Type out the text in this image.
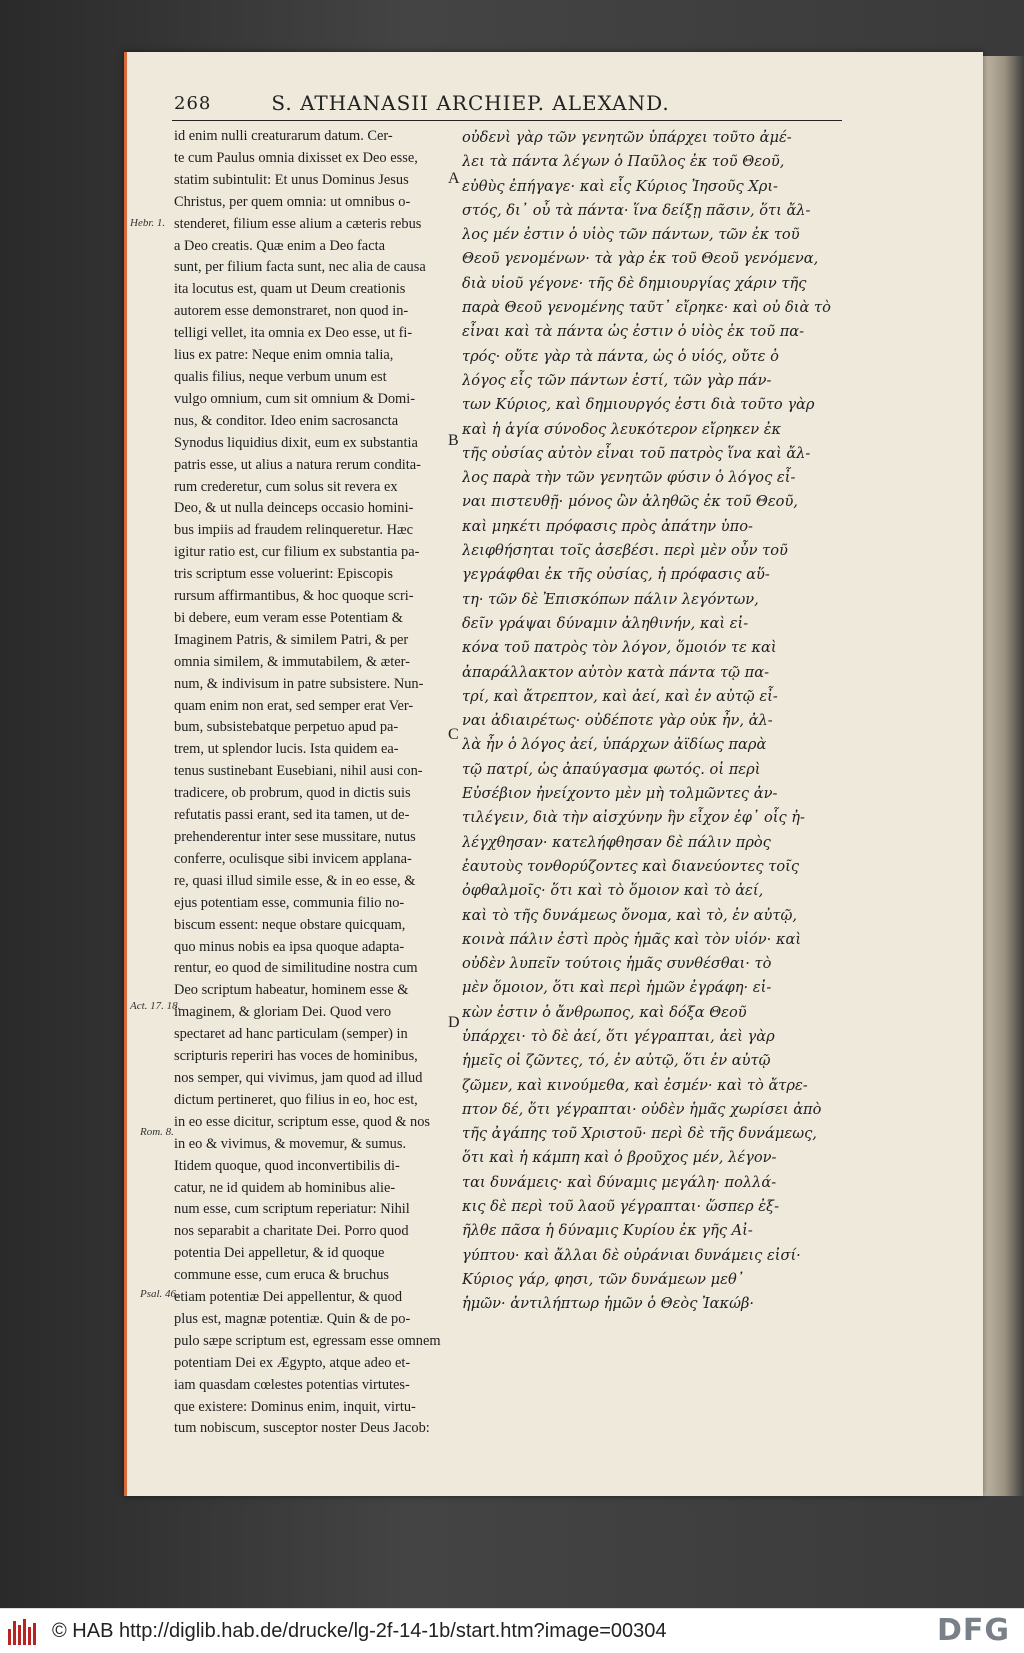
268	S. ATHANASII ARCHIEP. ALEXAND.
Hebr. 1.
Act. 17. 18.
Rom. 8.
Psal. 46.
A
B
C
D
id enim nulli creaturarum datum. Cer-
te cum Paulus omnia dixisset ex Deo esse,
statim subintulit: Et unus Dominus Jesus
Christus, per quem omnia: ut omnibus o-
stenderet, filium esse alium a cæteris rebus
a Deo creatis. Quæ enim a Deo facta
sunt, per filium facta sunt, nec alia de causa
ita locutus est, quam ut Deum creationis
autorem esse demonstraret, non quod in-
telligi vellet, ita omnia ex Deo esse, ut fi-
lius ex patre: Neque enim omnia talia,
qualis filius, neque verbum unum est
vulgo omnium, cum sit omnium & Domi-
nus, & conditor. Ideo enim sacrosancta
Synodus liquidius dixit, eum ex substantia
patris esse, ut alius a natura rerum condita-
rum crederetur, cum solus sit revera ex
Deo, & ut nulla deinceps occasio homini-
bus impiis ad fraudem relinqueretur. Hæc
igitur ratio est, cur filium ex substantia pa-
tris scriptum esse voluerint: Episcopis
rursum affirmantibus, & hoc quoque scri-
bi debere, eum veram esse Potentiam &
Imaginem Patris, & similem Patri, & per
omnia similem, & immutabilem, & æter-
num, & indivisum in patre subsistere. Nun-
quam enim non erat, sed semper erat Ver-
bum, subsistebatque perpetuo apud pa-
trem, ut splendor lucis. Ista quidem ea-
tenus sustinebant Eusebiani, nihil ausi con-
tradicere, ob probrum, quod in dictis suis
refutatis passi erant, sed ita tamen, ut de-
prehenderentur inter sese mussitare, nutus
conferre, oculisque sibi invicem applana-
re, quasi illud simile esse, & in eo esse, &
ejus potentiam esse, communia filio no-
biscum essent: neque obstare quicquam,
quo minus nobis ea ipsa quoque adapta-
rentur, eo quod de similitudine nostra cum
Deo scriptum habeatur, hominem esse &
imaginem, & gloriam Dei. Quod vero
spectaret ad hanc particulam (semper) in
scripturis reperiri has voces de hominibus,
nos semper, qui vivimus, jam quod ad illud
dictum pertineret, quo filius in eo, hoc est,
in eo esse dicitur, scriptum esse, quod & nos
in eo & vivimus, & movemur, & sumus.
Itidem quoque, quod inconvertibilis di-
catur, ne id quidem ab hominibus alie-
num esse, cum scriptum reperiatur: Nihil
nos separabit a charitate Dei. Porro quod
potentia Dei appelletur, & id quoque
commune esse, cum eruca & bruchus
etiam potentiæ Dei appellentur, & quod
plus est, magnæ potentiæ. Quin & de po-
pulo sæpe scriptum est, egressam esse omnem
potentiam Dei ex Ægypto, atque adeo et-
iam quasdam cœlestes potentias virtutes-
que existere: Dominus enim, inquit, virtu-
tum nobiscum, susceptor noster Deus Jacob:
οὐδενὶ γὰρ τῶν γενητῶν ὑπάρχει τοῦτο ἀμέ-
λει τὰ πάντα λέγων ὁ Παῦλος ἐκ τοῦ Θεοῦ,
εὐθὺς ἐπήγαγε· καὶ εἷς Κύριος Ἰησοῦς Χρι-
στός, δι᾽ οὗ τὰ πάντα· ἵνα δείξῃ πᾶσιν, ὅτι ἄλ-
λος μέν ἐστιν ὁ υἱὸς τῶν πάντων, τῶν ἐκ τοῦ
Θεοῦ γενομένων· τὰ γὰρ ἐκ τοῦ Θεοῦ γενόμενα,
διὰ υἱοῦ γέγονε· τῆς δὲ δημιουργίας χάριν τῆς
παρὰ Θεοῦ γενομένης ταῦτ᾽ εἴρηκε· καὶ οὐ διὰ τὸ
εἶναι καὶ τὰ πάντα ὡς ἐστιν ὁ υἱὸς ἐκ τοῦ πα-
τρός· οὔτε γὰρ τὰ πάντα, ὡς ὁ υἱός, οὔτε ὁ
λόγος εἷς τῶν πάντων ἐστί, τῶν γὰρ πάν-
των Κύριος, καὶ δημιουργός ἐστι διὰ τοῦτο γὰρ
καὶ ἡ ἁγία σύνοδος λευκότερον εἴρηκεν ἐκ
τῆς οὐσίας αὐτὸν εἶναι τοῦ πατρὸς ἵνα καὶ ἄλ-
λος παρὰ τὴν τῶν γενητῶν φύσιν ὁ λόγος εἶ-
ναι πιστευθῇ· μόνος ὢν ἀληθῶς ἐκ τοῦ Θεοῦ,
καὶ μηκέτι πρόφασις πρὸς ἀπάτην ὑπο-
λειφθήσηται τοῖς ἀσεβέσι. περὶ μὲν οὖν τοῦ
γεγράφθαι ἐκ τῆς οὐσίας, ἡ πρόφασις αὕ-
τη· τῶν δὲ Ἐπισκόπων πάλιν λεγόντων,
δεῖν γράψαι δύναμιν ἀληθινήν, καὶ εἰ-
κόνα τοῦ πατρὸς τὸν λόγον, ὅμοιόν τε καὶ
ἀπαράλλακτον αὐτὸν κατὰ πάντα τῷ πα-
τρί, καὶ ἄτρεπτον, καὶ ἀεί, καὶ ἐν αὐτῷ εἶ-
ναι ἀδιαιρέτως· οὐδέποτε γὰρ οὐκ ἦν, ἀλ-
λὰ ἦν ὁ λόγος ἀεί, ὑπάρχων ἀϊδίως παρὰ
τῷ πατρί, ὡς ἀπαύγασμα φωτός. οἱ περὶ
Εὐσέβιον ἠνείχοντο μὲν μὴ τολμῶντες ἀν-
τιλέγειν, διὰ τὴν αἰσχύνην ἣν εἶχον ἐφ᾽ οἷς ἠ-
λέγχθησαν· κατελήφθησαν δὲ πάλιν πρὸς
ἑαυτοὺς τονθορύζοντες καὶ διανεύοντες τοῖς
ὀφθαλμοῖς· ὅτι καὶ τὸ ὅμοιον καὶ τὸ ἀεί,
καὶ τὸ τῆς δυνάμεως ὄνομα, καὶ τὸ, ἐν αὐτῷ,
κοινὰ πάλιν ἐστὶ πρὸς ἡμᾶς καὶ τὸν υἱόν· καὶ
οὐδὲν λυπεῖν τούτοις ἡμᾶς συνθέσθαι· τὸ
μὲν ὅμοιον, ὅτι καὶ περὶ ἡμῶν ἐγράφη· εἰ-
κὼν ἐστιν ὁ ἄνθρωπος, καὶ δόξα Θεοῦ
ὑπάρχει· τὸ δὲ ἀεί, ὅτι γέγραπται, ἀεὶ γὰρ
ἡμεῖς οἱ ζῶντες, τό, ἐν αὐτῷ, ὅτι ἐν αὐτῷ
ζῶμεν, καὶ κινούμεθα, καὶ ἐσμέν· καὶ τὸ ἄτρε-
πτον δέ, ὅτι γέγραπται· οὐδὲν ἡμᾶς χωρίσει ἀπὸ
τῆς ἀγάπης τοῦ Χριστοῦ· περὶ δὲ τῆς δυνάμεως,
ὅτι καὶ ἡ κάμπη καὶ ὁ βροῦχος μέν, λέγον-
ται δυνάμεις· καὶ δύναμις μεγάλη· πολλά-
κις δὲ περὶ τοῦ λαοῦ γέγραπται· ὥσπερ ἐξ-
ῆλθε πᾶσα ἡ δύναμις Κυρίου ἐκ γῆς Αἰ-
γύπτου· καὶ ἄλλαι δὲ οὐράνιαι δυνάμεις εἰσί·
Κύριος γάρ, φησι, τῶν δυνάμεων μεθ᾽
ἡμῶν· ἀντιλήπτωρ ἡμῶν ὁ Θεὸς Ἰακώβ·
© HAB http://diglib.hab.de/drucke/lg-2f-14-1b/start.htm?image=00304	DFG
